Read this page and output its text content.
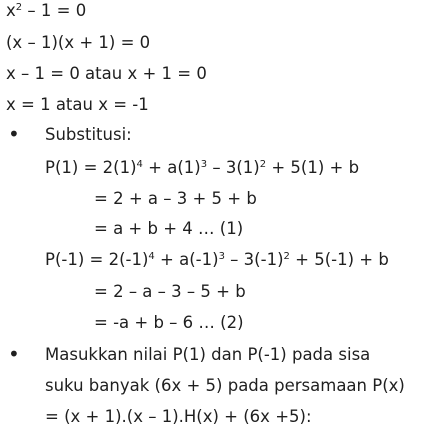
$x^2 - 1 = 0$
(x – 1)(x + 1) = 0
x – 1 = 0 atau x + 1 = 0
x = 1 atau x = -1
• Substitusi:
$P(1) = 2(1)^4 + a(1)^3 - 3(1)^2 + 5(1) + b$
= 2 + a – 3 + 5 + b
= a + b + 4 … (1)
$P(-1) = 2(-1)^4 + a(-1)^3 - 3(-1)^2 + 5(-1) + b$
= 2 – a – 3 – 5 + b
= -a + b – 6 … (2)
• Masukkan nilai P(1) dan P(-1) pada sisa
suku banyak (6x + 5) pada persamaan P(x)
= (x + 1).(x – 1).H(x) + (6x +5):
